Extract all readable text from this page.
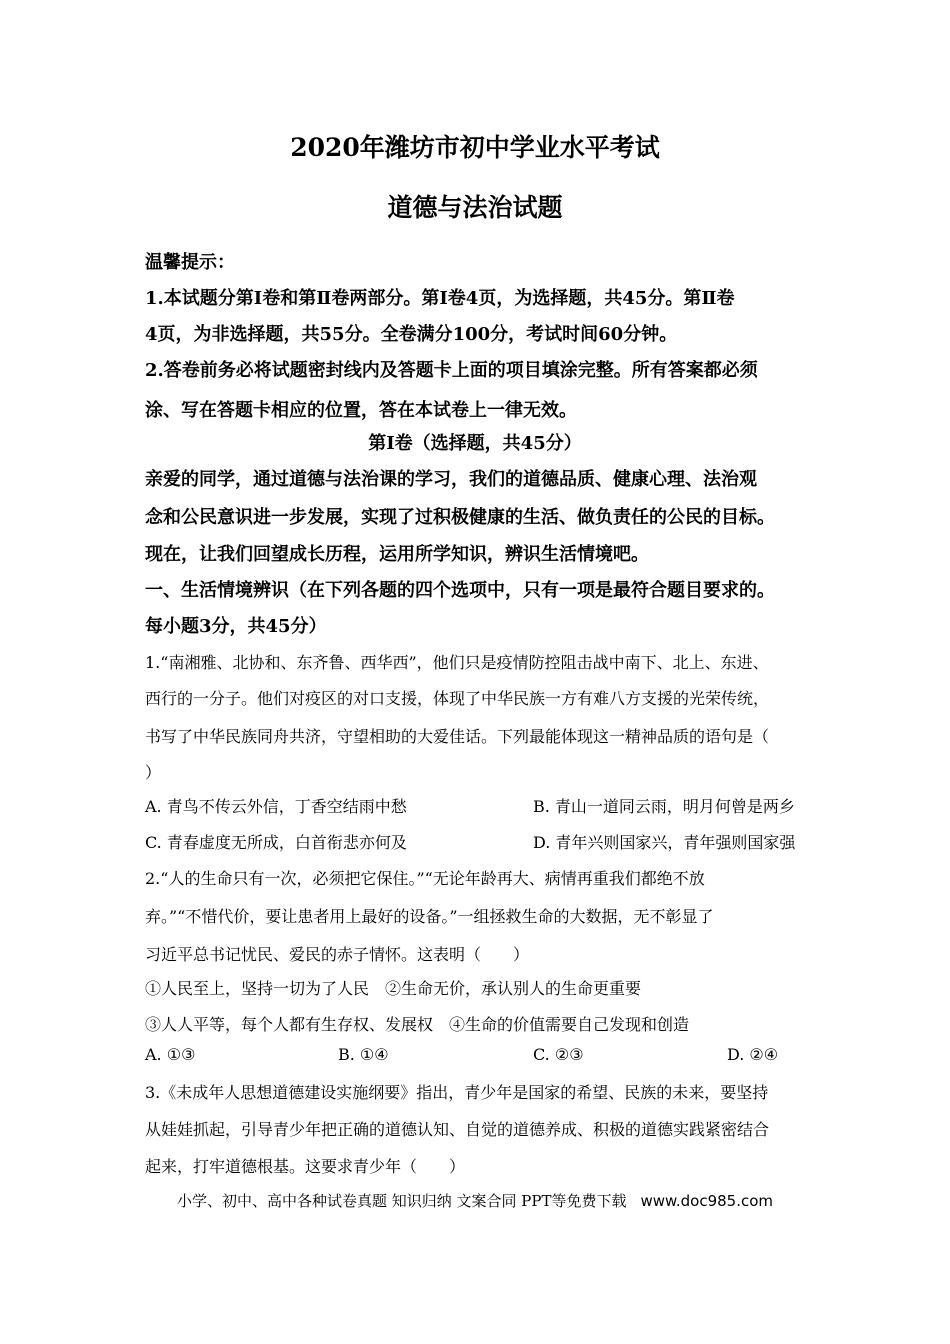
2020年潍坊市初中学业水平考试
道德与法治试题
温馨提示：
1.本试题分第Ⅰ卷和第Ⅱ卷两部分。第Ⅰ卷4页，为选择题，共45分。第Ⅱ卷
4页，为非选择题，共55分。全卷满分100分，考试时间60分钟。
2.答卷前务必将试题密封线内及答题卡上面的项目填涂完整。所有答案都必须
涂、写在答题卡相应的位置，答在本试卷上一律无效。
第Ⅰ卷（选择题，共45分）
亲爱的同学，通过道德与法治课的学习，我们的道德品质、健康心理、法治观
念和公民意识进一步发展，实现了过积极健康的生活、做负责任的公民的目标。
现在，让我们回望成长历程，运用所学知识，辨识生活情境吧。
一、生活情境辨识（在下列各题的四个选项中，只有一项是最符合题目要求的。
每小题3分，共45分）
1.“南湘雅、北协和、东齐鲁、西华西”，他们只是疫情防控阻击战中南下、北上、东进、
西行的一分子。他们对疫区的对口支援，体现了中华民族一方有难八方支援的光荣传统，
书写了中华民族同舟共济，守望相助的大爱佳话。下列最能体现这一精神品质的语句是（
）
A. 青鸟不传云外信，丁香空结雨中愁	B. 青山一道同云雨，明月何曾是两乡
C. 青春虚度无所成，白首衔悲亦何及	D. 青年兴则国家兴，青年强则国家强
2.“人的生命只有一次，必须把它保住。”“无论年龄再大、病情再重我们都绝不放
弃。”“不惜代价，要让患者用上最好的设备。”一组拯救生命的大数据，无不彰显了
习近平总书记忧民、爱民的赤子情怀。这表明（　　）
①人民至上，坚持一切为了人民　②生命无价，承认别人的生命更重要
③人人平等，每个人都有生存权、发展权　④生命的价值需要自己发现和创造
A. ①③	B. ①④	C. ②③	D. ②④
3.《未成年人思想道德建设实施纲要》指出，青少年是国家的希望、民族的未来，要坚持
从娃娃抓起，引导青少年把正确的道德认知、自觉的道德养成、积极的道德实践紧密结合
起来，打牢道德根基。这要求青少年（　　）
小学、初中、高中各种试卷真题 知识归纳 文案合同 PPT等免费下载 www.doc985.com
